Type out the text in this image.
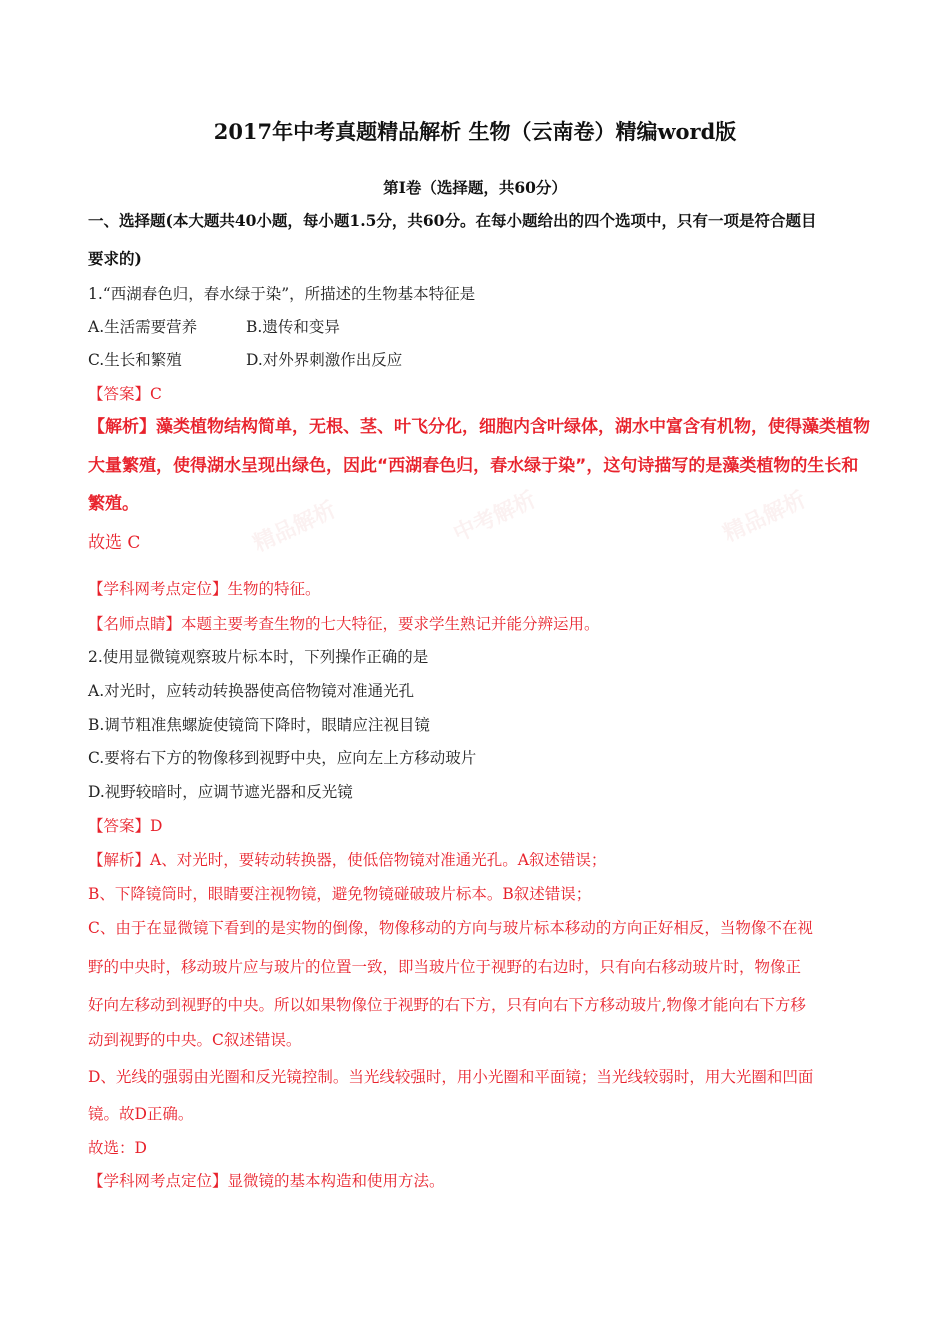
精品解析	中考解析	精品解析
2017年中考真题精品解析 生物（云南卷）精编word版
第Ⅰ卷（选择题，共60分）
一、选择题(本大题共40小题，每小题1.5分，共60分。在每小题给出的四个选项中，只有一项是符合题目
要求的)
1.“西湖春色归，春水绿于染”，所描述的生物基本特征是
A.生活需要营养	B.遗传和变异
C.生长和繁殖	D.对外界刺激作出反应
【答案】C
【解析】藻类植物结构简单，无根、茎、叶飞分化，细胞内含叶绿体，湖水中富含有机物，使得藻类植物
大量繁殖，使得湖水呈现出绿色，因此“西湖春色归，春水绿于染”，这句诗描写的是藻类植物的生长和
繁殖。
故选 C
【学科网考点定位】生物的特征。
【名师点睛】本题主要考查生物的七大特征，要求学生熟记并能分辨运用。
2.使用显微镜观察玻片标本时，下列操作正确的是
A.对光时，应转动转换器使高倍物镜对准通光孔
B.调节粗准焦螺旋使镜筒下降时，眼睛应注视目镜
C.要将右下方的物像移到视野中央，应向左上方移动玻片
D.视野较暗时，应调节遮光器和反光镜
【答案】D
【解析】A、对光时，要转动转换器，使低倍物镜对准通光孔。A叙述错误；
B、下降镜筒时，眼睛要注视物镜，避免物镜碰破玻片标本。B叙述错误；
C、由于在显微镜下看到的是实物的倒像，物像移动的方向与玻片标本移动的方向正好相反，当物像不在视
野的中央时，移动玻片应与玻片的位置一致，即当玻片位于视野的右边时，只有向右移动玻片时，物像正
好向左移动到视野的中央。所以如果物像位于视野的右下方，只有向右下方移动玻片,物像才能向右下方移
动到视野的中央。C叙述错误。
D、光线的强弱由光圈和反光镜控制。当光线较强时，用小光圈和平面镜；当光线较弱时，用大光圈和凹面
镜。故D正确。
故选：D
【学科网考点定位】显微镜的基本构造和使用方法。
